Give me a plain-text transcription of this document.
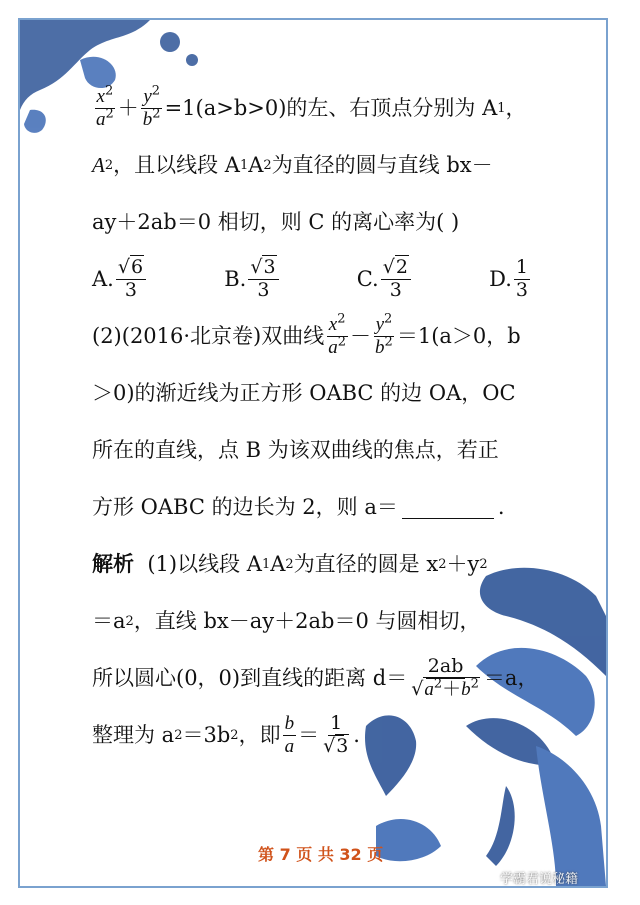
$\frac{x^2}{a^2} + \frac{y^2}{b^2} =1(a>b>0)$的左、右顶点分别为 A 1 ，
A 2 ，且以线段 A 1 A 2 为直径的圆与直线 bx－
ay＋2ab＝0 相切，则 C 的离心率为( )
A. $\frac{√6}{3}$	B. $\frac{√3}{3}$	C. $\frac{√2}{3}$	D. $\frac{1}{3}$
(2)(2016·北京卷)双曲线 $\frac{x^2}{a^2} - \frac{y^2}{b^2} =1(a>0$，b
＞0)的渐近线为正方形 OABC 的边 OA，OC
所在的直线，点 B 为该双曲线的焦点，若正
方形 OABC 的边长为 2，则 a＝	.
解析
(1)以线段 A 1 A 2 为直径的圆是 x 2 ＋y 2
＝a 2 ，直线 bx－ay＋2ab＝0 与圆相切，
所以圆心(0，0)到直线的距离 $d= \frac{2ab}{√a^2+b^2} =a$，
整理为 a 2 ＝3b 2 ，即 $\frac{b}{a} = \frac{1}{√3}$ .
第 7 页 共 32 页
学霸君说秘籍
